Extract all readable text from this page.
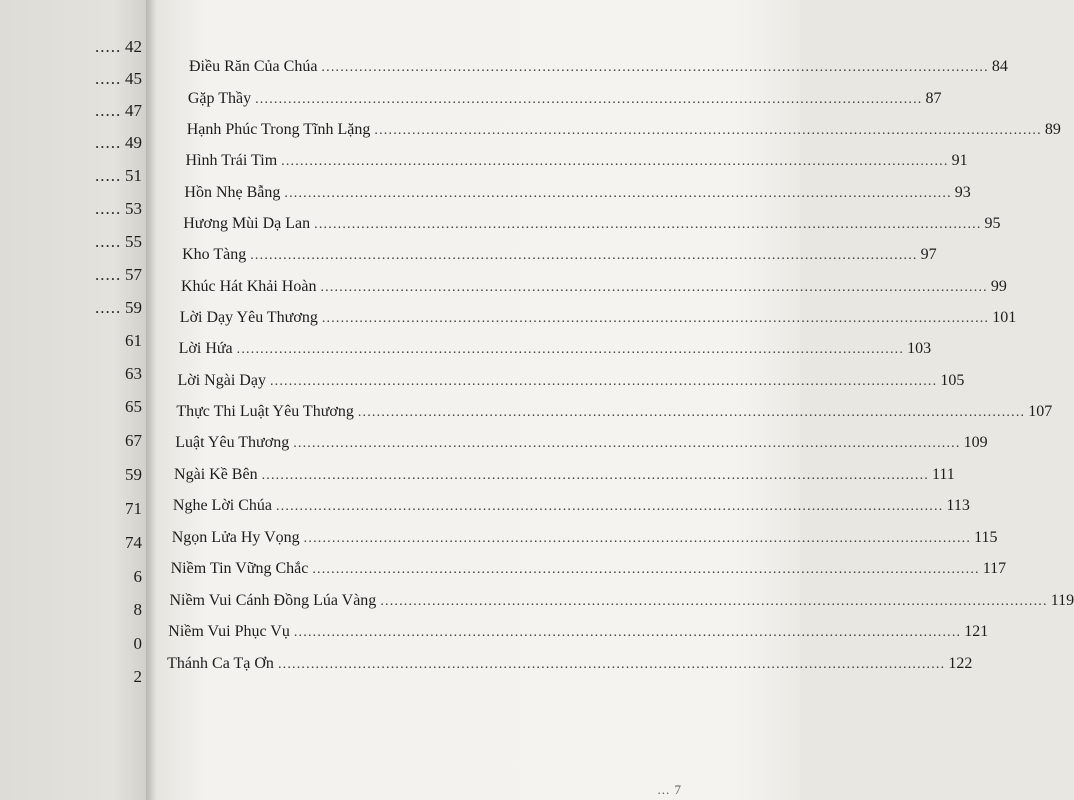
..... 42
..... 45
..... 47
..... 49
..... 51
..... 53
..... 55
..... 57
..... 59
61
63
65
67
59
71
74
6
8
0
2
... 7
Điều Răn Của Chúa .............................................................................................................................................. 84
Gặp Thầy .............................................................................................................................................. 87
Hạnh Phúc Trong Tĩnh Lặng .............................................................................................................................................. 89
Hình Trái Tim .............................................................................................................................................. 91
Hồn Nhẹ Bẫng .............................................................................................................................................. 93
Hương Mùi Dạ Lan .............................................................................................................................................. 95
Kho Tàng .............................................................................................................................................. 97
Khúc Hát Khải Hoàn .............................................................................................................................................. 99
Lời Dạy Yêu Thương .............................................................................................................................................. 101
Lời Hứa .............................................................................................................................................. 103
Lời Ngài Dạy .............................................................................................................................................. 105
Thực Thi Luật Yêu Thương .............................................................................................................................................. 107
Luật Yêu Thương .............................................................................................................................................. 109
Ngài Kề Bên .............................................................................................................................................. 111
Nghe Lời Chúa .............................................................................................................................................. 113
Ngọn Lửa Hy Vọng .............................................................................................................................................. 115
Niềm Tin Vững Chắc .............................................................................................................................................. 117
Niềm Vui Cánh Đồng Lúa Vàng .............................................................................................................................................. 119
Niềm Vui Phục Vụ .............................................................................................................................................. 121
Thánh Ca Tạ Ơn .............................................................................................................................................. 122
